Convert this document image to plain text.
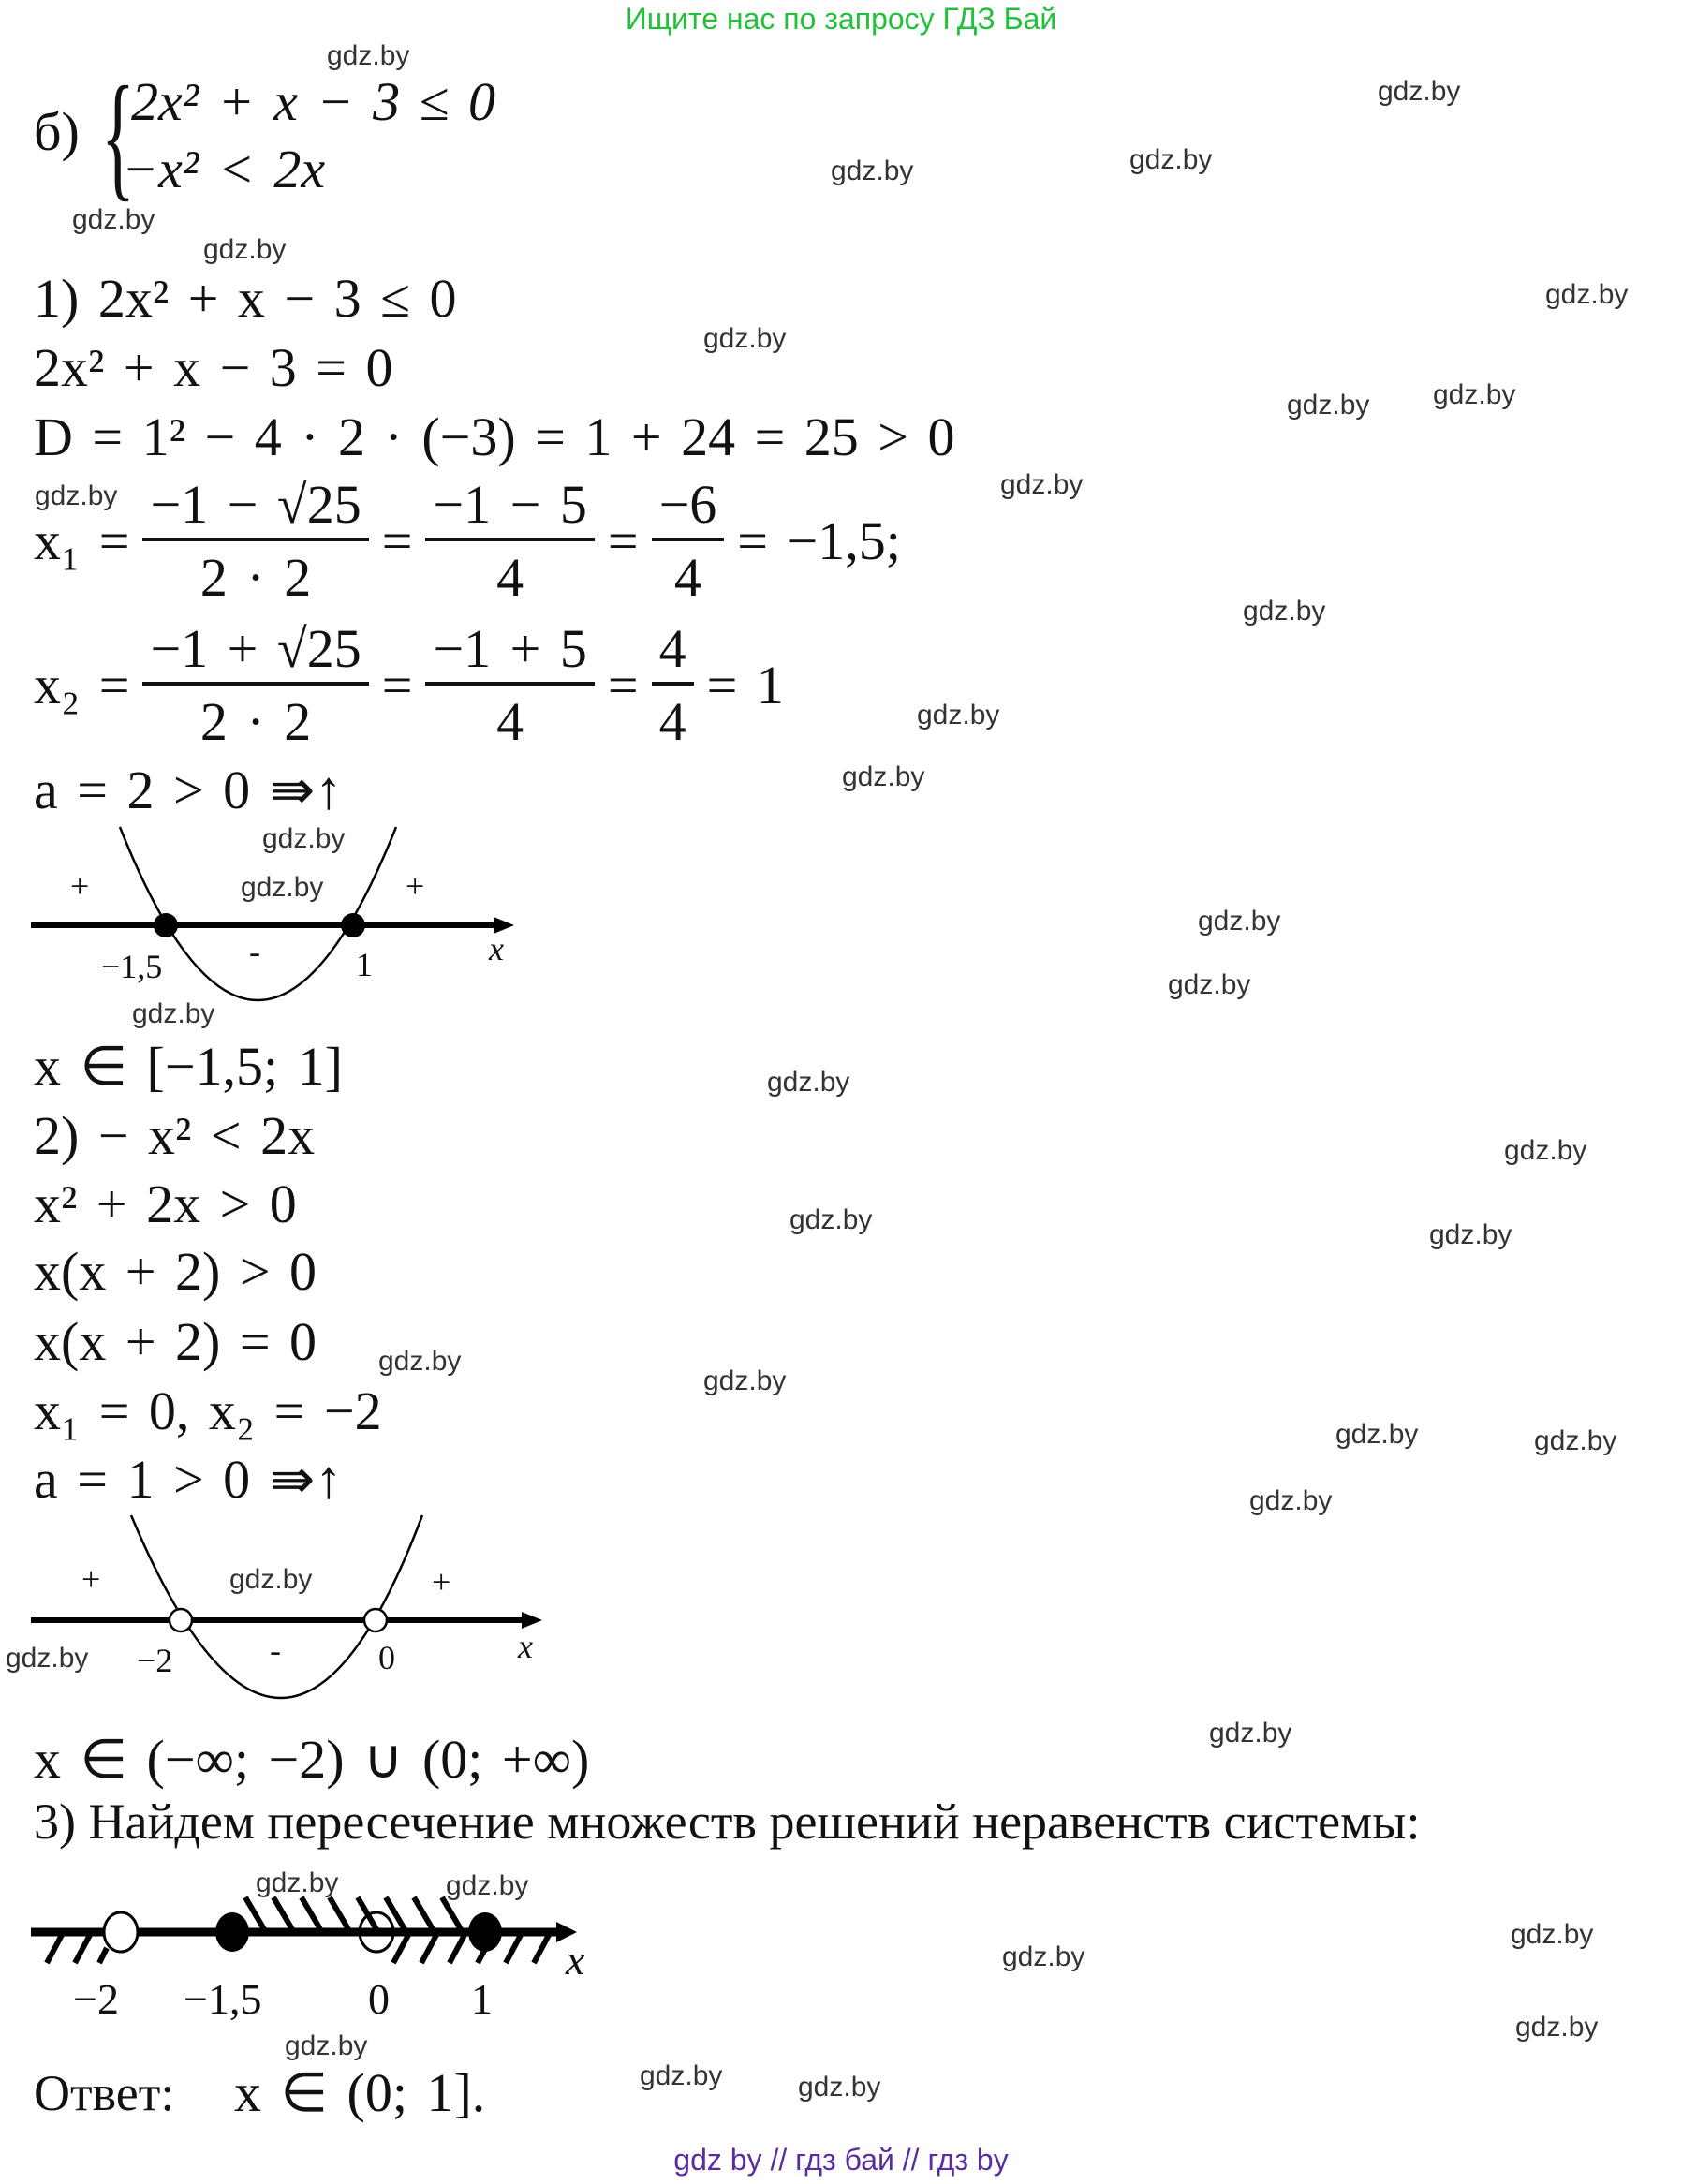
Ищите нас по запросу ГДЗ Бай
б) {
2x² + x − 3 ≤ 0
−x² < 2x
1) 2x² + x − 3 ≤ 0
2x² + x − 3 = 0
D = 1² − 4 · 2 · (−3) = 1 + 24 = 25 > 0
$x_1 = \frac{-1 - √25}{2 \cdot 2} = \frac{-1 - 5}{4} = \frac{-6}{4} = -1,5$;
$x_2 = \frac{-1 + √25}{2 \cdot 2} = \frac{-1 + 5}{4} = \frac{4}{4} = 1$
a = 2 > 0 ⇛↑
+	+
-
−1,5	1	x
x ∈ [−1,5; 1]
2) − x² < 2x
x² + 2x > 0
x(x + 2) > 0
x(x + 2) = 0
x₁ = 0, x₂ = −2
a = 1 > 0 ⇛↑
+	+
-
−2	0	x
x ∈ (−∞; −2) ∪ (0; +∞)
3) Найдем пересечение множеств решений неравенств системы:
−2 −1,5 0 1
x
Ответ: x ∈ (0; 1].
gdz by // гдз бай // гдз by
gdz.by
gdz.by
gdz.by	gdz.by
gdz.by
gdz.by
gdz.by
gdz.by
gdz.by gdz.by
gdz.by	gdz.by
gdz.by
gdz.by
gdz.by
gdz.by
gdz.by
gdz.by
gdz.by
gdz.by
gdz.by
gdz.by
gdz.by	gdz.by
gdz.by
gdz.by
gdz.by	gdz.by
gdz.by
gdz.by
gdz.by
gdz.by
gdz.by	gdz.by
gdz.by
gdz.by
gdz.by
gdz.by
gdz.by	gdz.by
